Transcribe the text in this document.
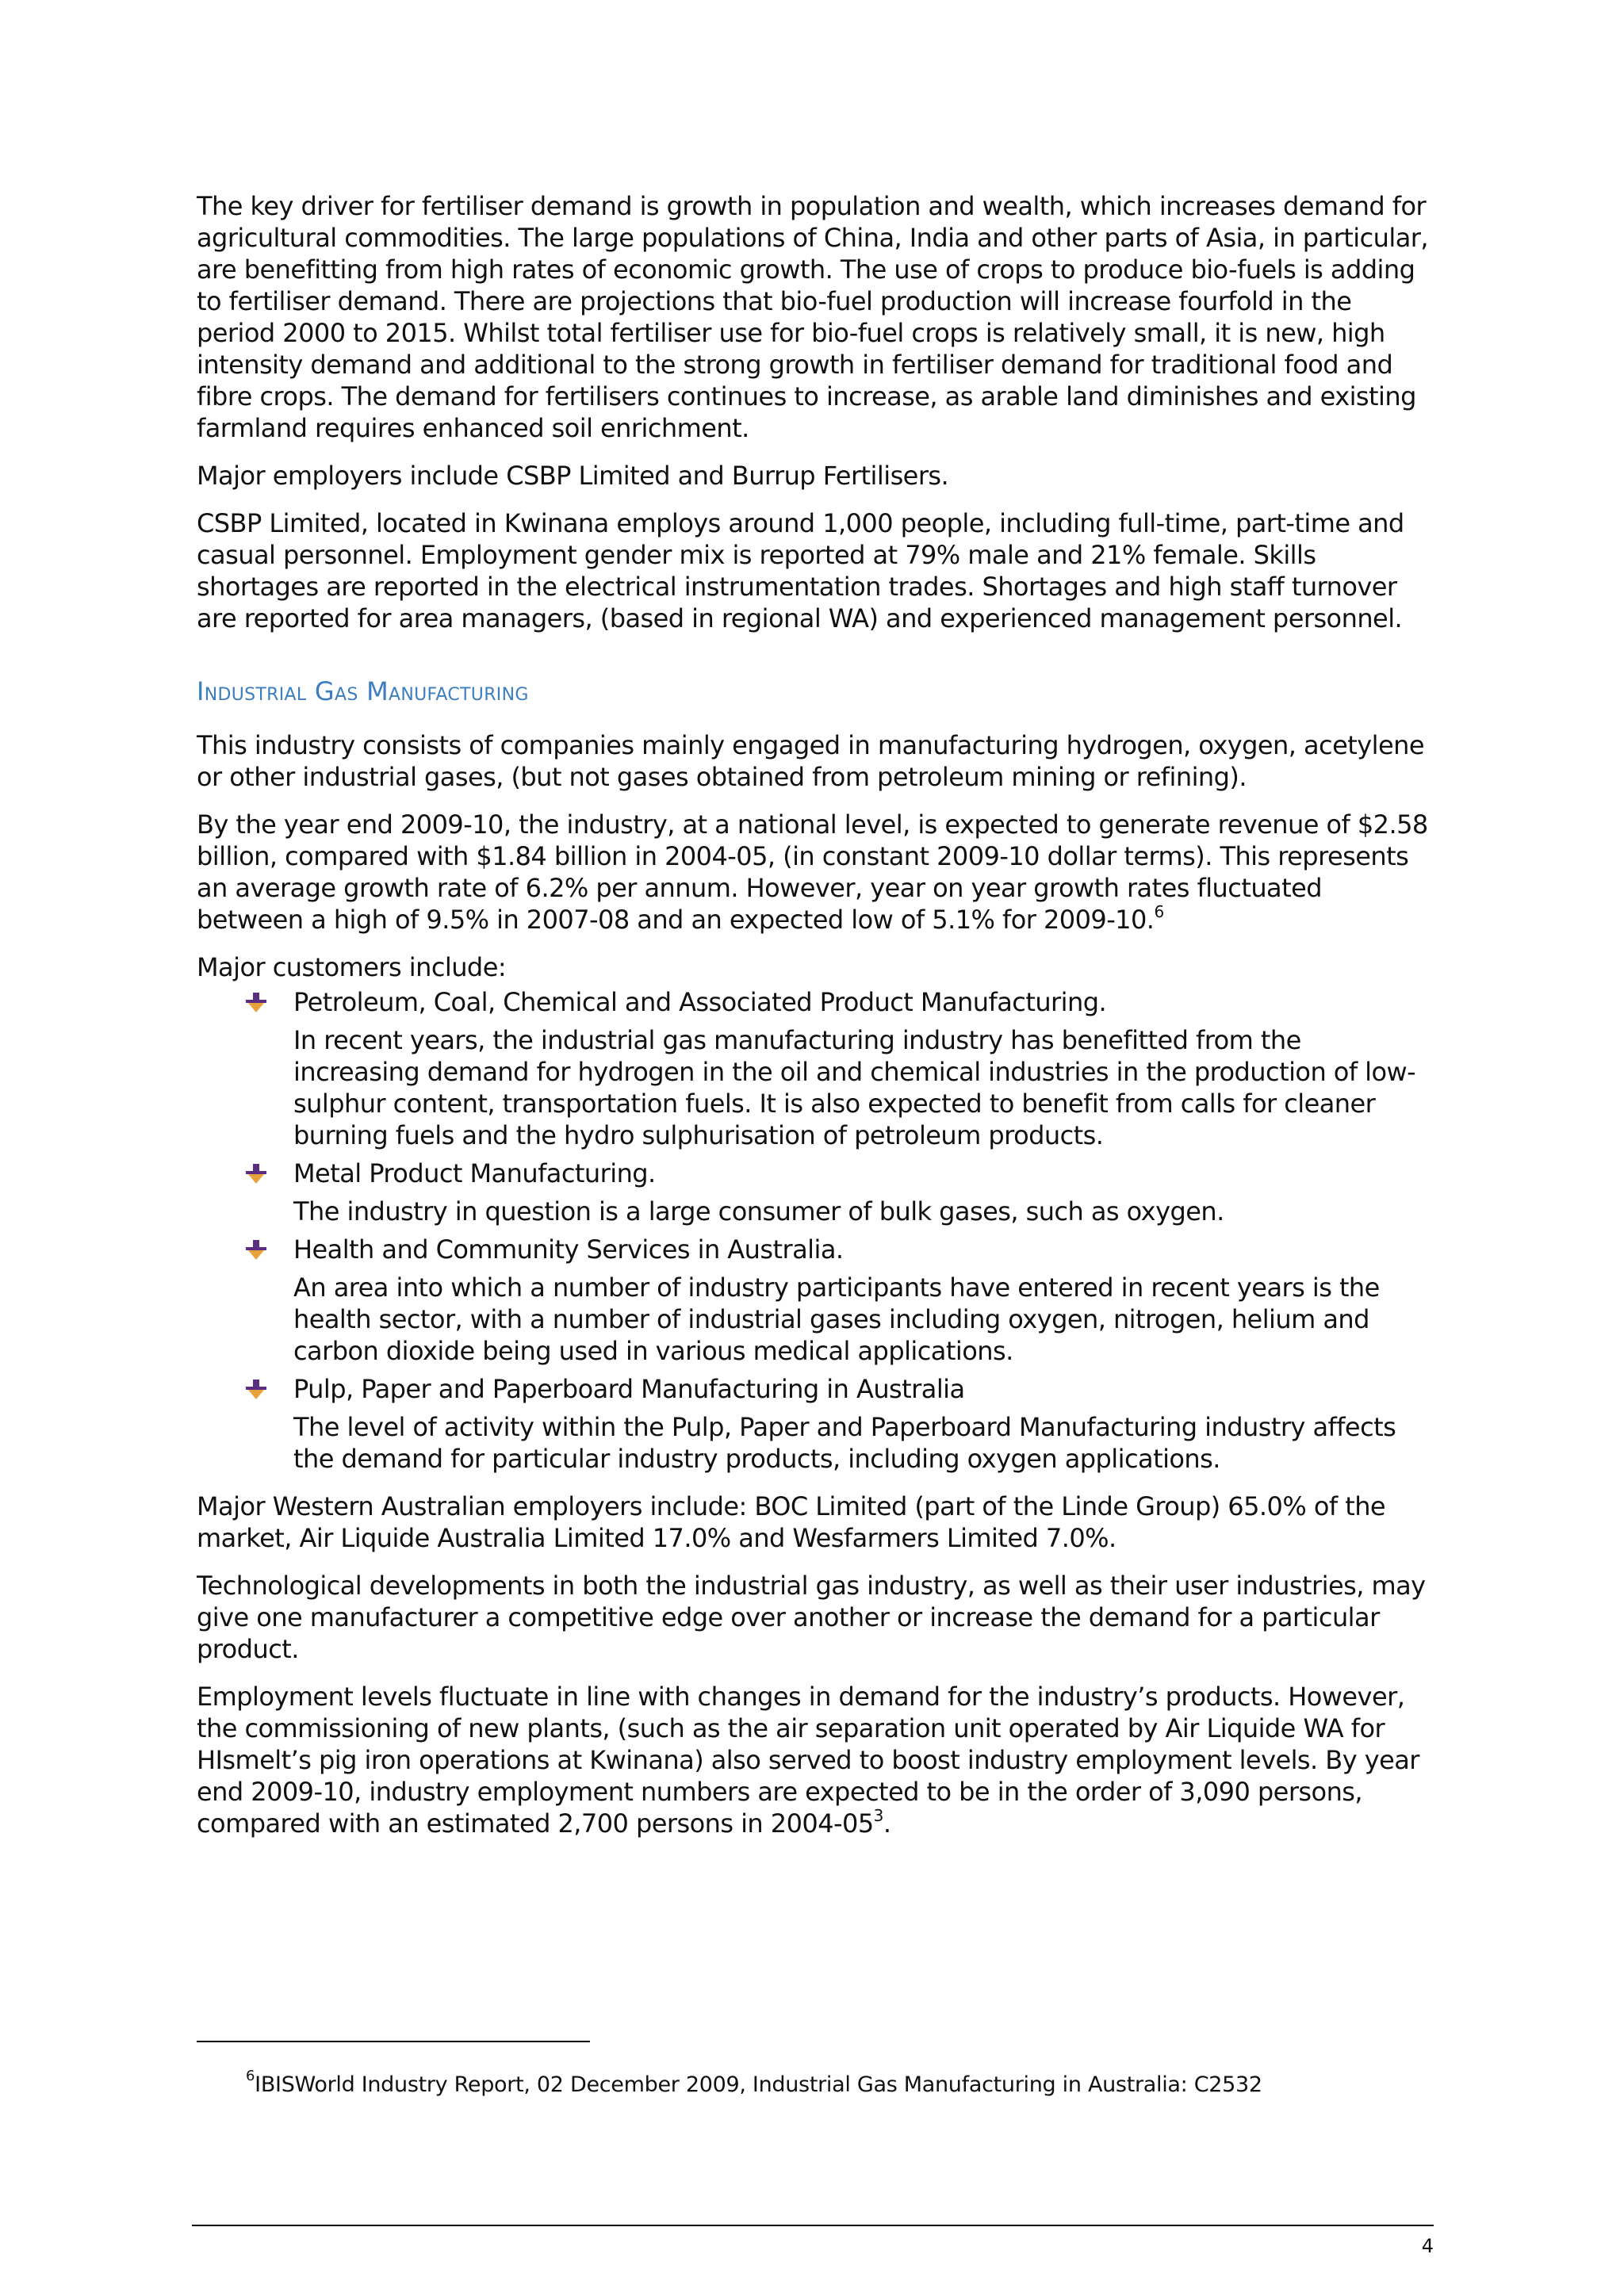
The key driver for fertiliser demand is growth in population and wealth, which increases demand for agricultural commodities. The large populations of China, India and other parts of Asia, in particular, are benefitting from high rates of economic growth. The use of crops to produce bio-fuels is adding to fertiliser demand. There are projections that bio-fuel production will increase fourfold in the period 2000 to 2015. Whilst total fertiliser use for bio-fuel crops is relatively small, it is new, high intensity demand and additional to the strong growth in fertiliser demand for traditional food and fibre crops. The demand for fertilisers continues to increase, as arable land diminishes and existing farmland requires enhanced soil enrichment.

Major employers include CSBP Limited and Burrup Fertilisers.

CSBP Limited, located in Kwinana employs around 1,000 people, including full-time, part-time and casual personnel. Employment gender mix is reported at 79% male and 21% female. Skills shortages are reported in the electrical instrumentation trades. Shortages and high staff turnover are reported for area managers, (based in regional WA) and experienced management personnel.

Industrial Gas Manufacturing

This industry consists of companies mainly engaged in manufacturing hydrogen, oxygen, acetylene or other industrial gases, (but not gases obtained from petroleum mining or refining).

By the year end 2009-10, the industry, at a national level, is expected to generate revenue of $2.58 billion, compared with $1.84 billion in 2004-05, (in constant 2009-10 dollar terms). This represents an average growth rate of 6.2% per annum. However, year on year growth rates fluctuated between a high of 9.5% in 2007-08 and an expected low of 5.1% for 2009-10.$^6$

Major customers include:

Petroleum, Coal, Chemical and Associated Product Manufacturing.
In recent years, the industrial gas manufacturing industry has benefitted from the increasing demand for hydrogen in the oil and chemical industries in the production of low-sulphur content, transportation fuels. It is also expected to benefit from calls for cleaner burning fuels and the hydro sulphurisation of petroleum products.
Metal Product Manufacturing.
The industry in question is a large consumer of bulk gases, such as oxygen.
Health and Community Services in Australia.
An area into which a number of industry participants have entered in recent years is the health sector, with a number of industrial gases including oxygen, nitrogen, helium and carbon dioxide being used in various medical applications.
Pulp, Paper and Paperboard Manufacturing in Australia
The level of activity within the Pulp, Paper and Paperboard Manufacturing industry affects the demand for particular industry products, including oxygen applications.

Major Western Australian employers include: BOC Limited (part of the Linde Group) 65.0% of the market, Air Liquide Australia Limited 17.0% and Wesfarmers Limited 7.0%.

Technological developments in both the industrial gas industry, as well as their user industries, may give one manufacturer a competitive edge over another or increase the demand for a particular product.

Employment levels fluctuate in line with changes in demand for the industry’s products. However, the commissioning of new plants, (such as the air separation unit operated by Air Liquide WA for HIsmelt’s pig iron operations at Kwinana) also served to boost industry employment levels. By year end 2009-10, industry employment numbers are expected to be in the order of 3,090 persons, compared with an estimated 2,700 persons in $2004-05^3$.

$^6$IBISWorld Industry Report, 02 December 2009, Industrial Gas Manufacturing in Australia: C2532
4
